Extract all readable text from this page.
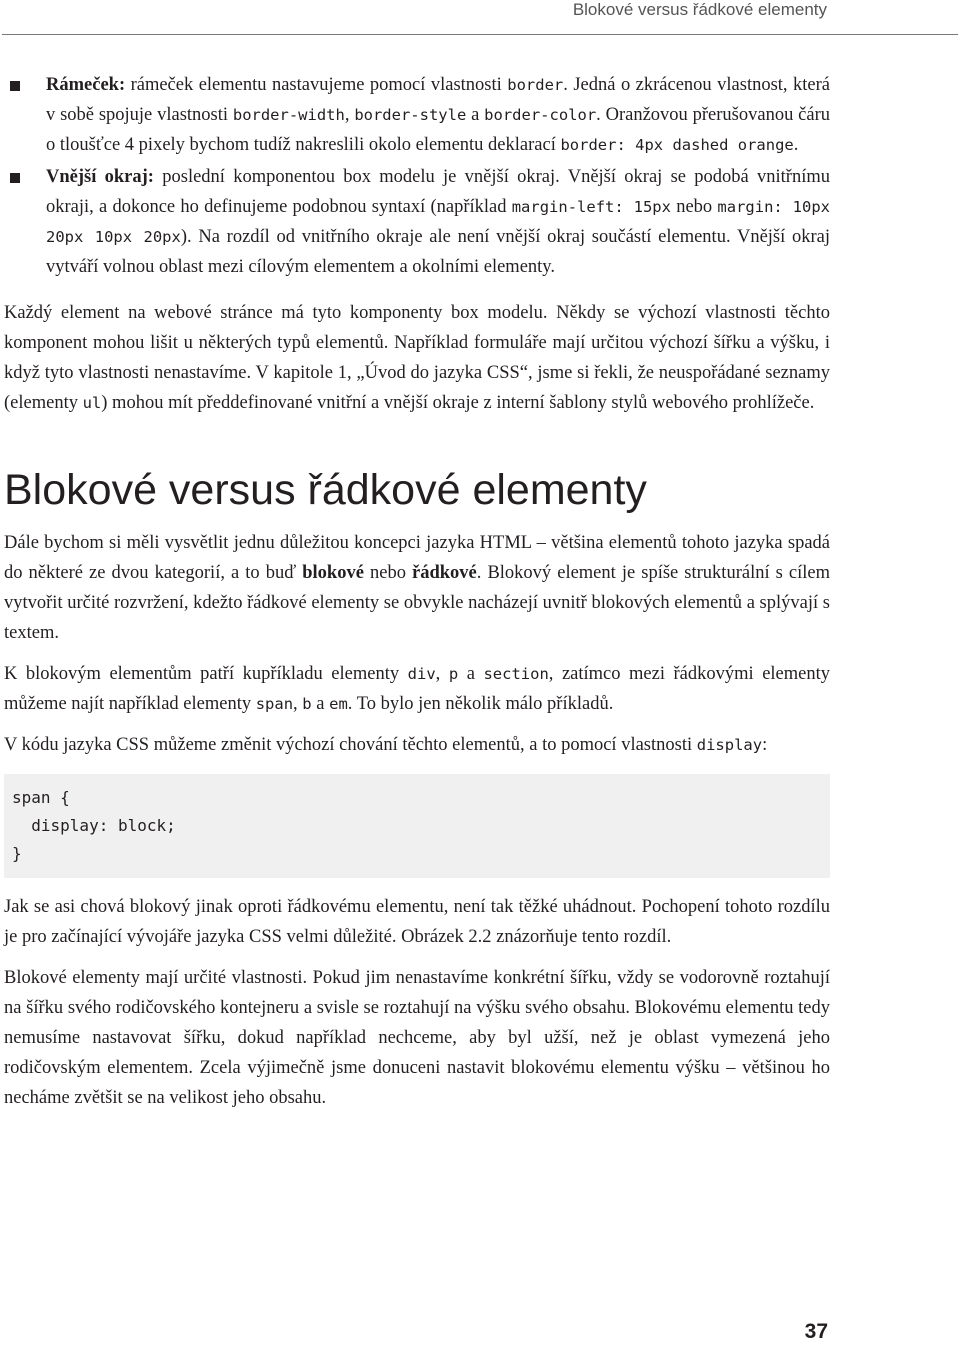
Blokové versus řádkové elementy
Rámeček: rámeček elementu nastavujeme pomocí vlastnosti border. Jedná o zkrácenou vlastnost, která v sobě spojuje vlastnosti border-width, border-style a border-color. Oranžovou přerušovanou čáru o tloušťce 4 pixely bychom tudíž nakreslili okolo elementu deklarací border: 4px dashed orange.
Vnější okraj: poslední komponentou box modelu je vnější okraj. Vnější okraj se podobá vnitřnímu okraji, a dokonce ho definujeme podobnou syntaxí (například margin-left: 15px nebo margin: 10px 20px 10px 20px). Na rozdíl od vnitřního okraje ale není vnější okraj součástí elementu. Vnější okraj vytváří volnou oblast mezi cílovým elementem a okolními elementy.

Každý element na webové stránce má tyto komponenty box modelu. Někdy se výchozí vlastnosti těchto komponent mohou lišit u některých typů elementů. Například formuláře mají určitou výchozí šířku a výšku, i když tyto vlastnosti nenastavíme. V kapitole 1, „Úvod do jazyka CSS“, jsme si řekli, že neuspořádané seznamy (elementy ul) mohou mít předdefinované vnitřní a vnější okraje z interní šablony stylů webového prohlížeče.

Blokové versus řádkové elementy

Dále bychom si měli vysvětlit jednu důležitou koncepci jazyka HTML – většina elementů tohoto jazyka spadá do některé ze dvou kategorií, a to buď blokové nebo řádkové. Blokový element je spíše strukturální s cílem vytvořit určité rozvržení, kdežto řádkové elementy se obvykle nacházejí uvnitř blokových elementů a splývají s textem.

K blokovým elementům patří kupříkladu elementy div, p a section, zatímco mezi řádkovými elementy můžeme najít například elementy span, b a em. To bylo jen několik málo příkladů.

V kódu jazyka CSS můžeme změnit výchozí chování těchto elementů, a to pomocí vlastnosti display:

span {
display: block;
}

Jak se asi chová blokový jinak oproti řádkovému elementu, není tak těžké uhádnout. Pochopení tohoto rozdílu je pro začínající vývojáře jazyka CSS velmi důležité. Obrázek 2.2 znázorňuje tento rozdíl.

Blokové elementy mají určité vlastnosti. Pokud jim nenastavíme konkrétní šířku, vždy se vodorovně roztahují na šířku svého rodičovského kontejneru a svisle se roztahují na výšku svého obsahu. Blokovému elementu tedy nemusíme nastavovat šířku, dokud například nechceme, aby byl užší, než je oblast vymezená jeho rodičovským elementem. Zcela výjimečně jsme donuceni nastavit blokovému elementu výšku – většinou ho necháme zvětšit se na velikost jeho obsahu.

37
